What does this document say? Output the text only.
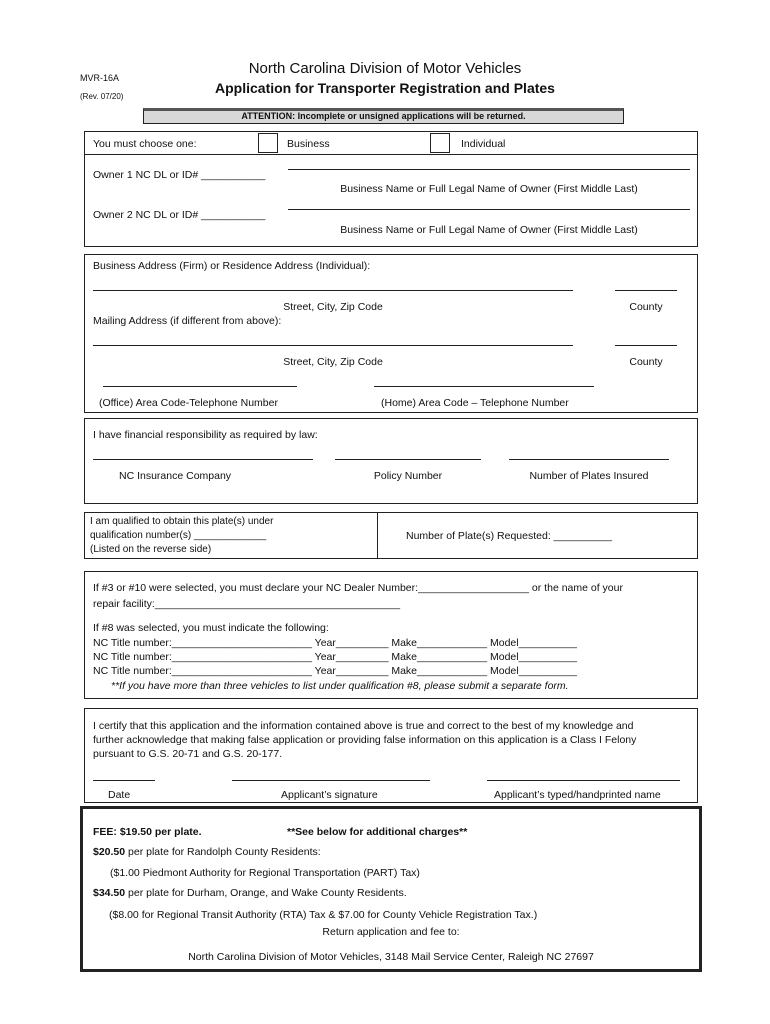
MVR-16A
(Rev. 07/20)
North Carolina Division of Motor Vehicles
Application for Transporter Registration and Plates
ATTENTION: Incomplete or unsigned applications will be returned.
You must choose one:	Business	Individual
Owner 1 NC DL or ID# ___________
Business Name or Full Legal Name of Owner (First Middle Last)
Owner 2 NC DL or ID# ___________
Business Name or Full Legal Name of Owner (First Middle Last)
Business Address (Firm) or Residence Address (Individual):
Street, City, Zip Code	County
Mailing Address (if different from above):
Street, City, Zip Code	County
(Office) Area Code-Telephone Number	(Home) Area Code – Telephone Number
I have financial responsibility as required by law:
NC Insurance Company	Policy Number	Number of Plates Insured
I am qualified to obtain this plate(s) under
qualification number(s) _____________
(Listed on the reverse side)
Number of Plate(s) Requested: __________
If #3 or #10 were selected, you must declare your NC Dealer Number:___________________ or the name of your
repair facility:__________________________________________
If #8 was selected, you must indicate the following:
NC Title number:________________________ Year_________ Make____________ Model__________
NC Title number:________________________ Year_________ Make____________ Model__________
NC Title number:________________________ Year_________ Make____________ Model__________
**If you have more than three vehicles to list under qualification #8, please submit a separate form.
I certify that this application and the information contained above is true and correct to the best of my knowledge and
further acknowledge that making false application or providing false information on this application is a Class I Felony
pursuant to G.S. 20-71 and G.S. 20-177.
Date	Applicant’s signature	Applicant’s typed/handprinted name
FEE: $19.50 per plate.	**See below for additional charges**
$20.50 per plate for Randolph County Residents:
($1.00 Piedmont Authority for Regional Transportation (PART) Tax)
$34.50 per plate for Durham, Orange, and Wake County Residents.
($8.00 for Regional Transit Authority (RTA) Tax & $7.00 for County Vehicle Registration Tax.)
Return application and fee to:
North Carolina Division of Motor Vehicles, 3148 Mail Service Center, Raleigh NC 27697
